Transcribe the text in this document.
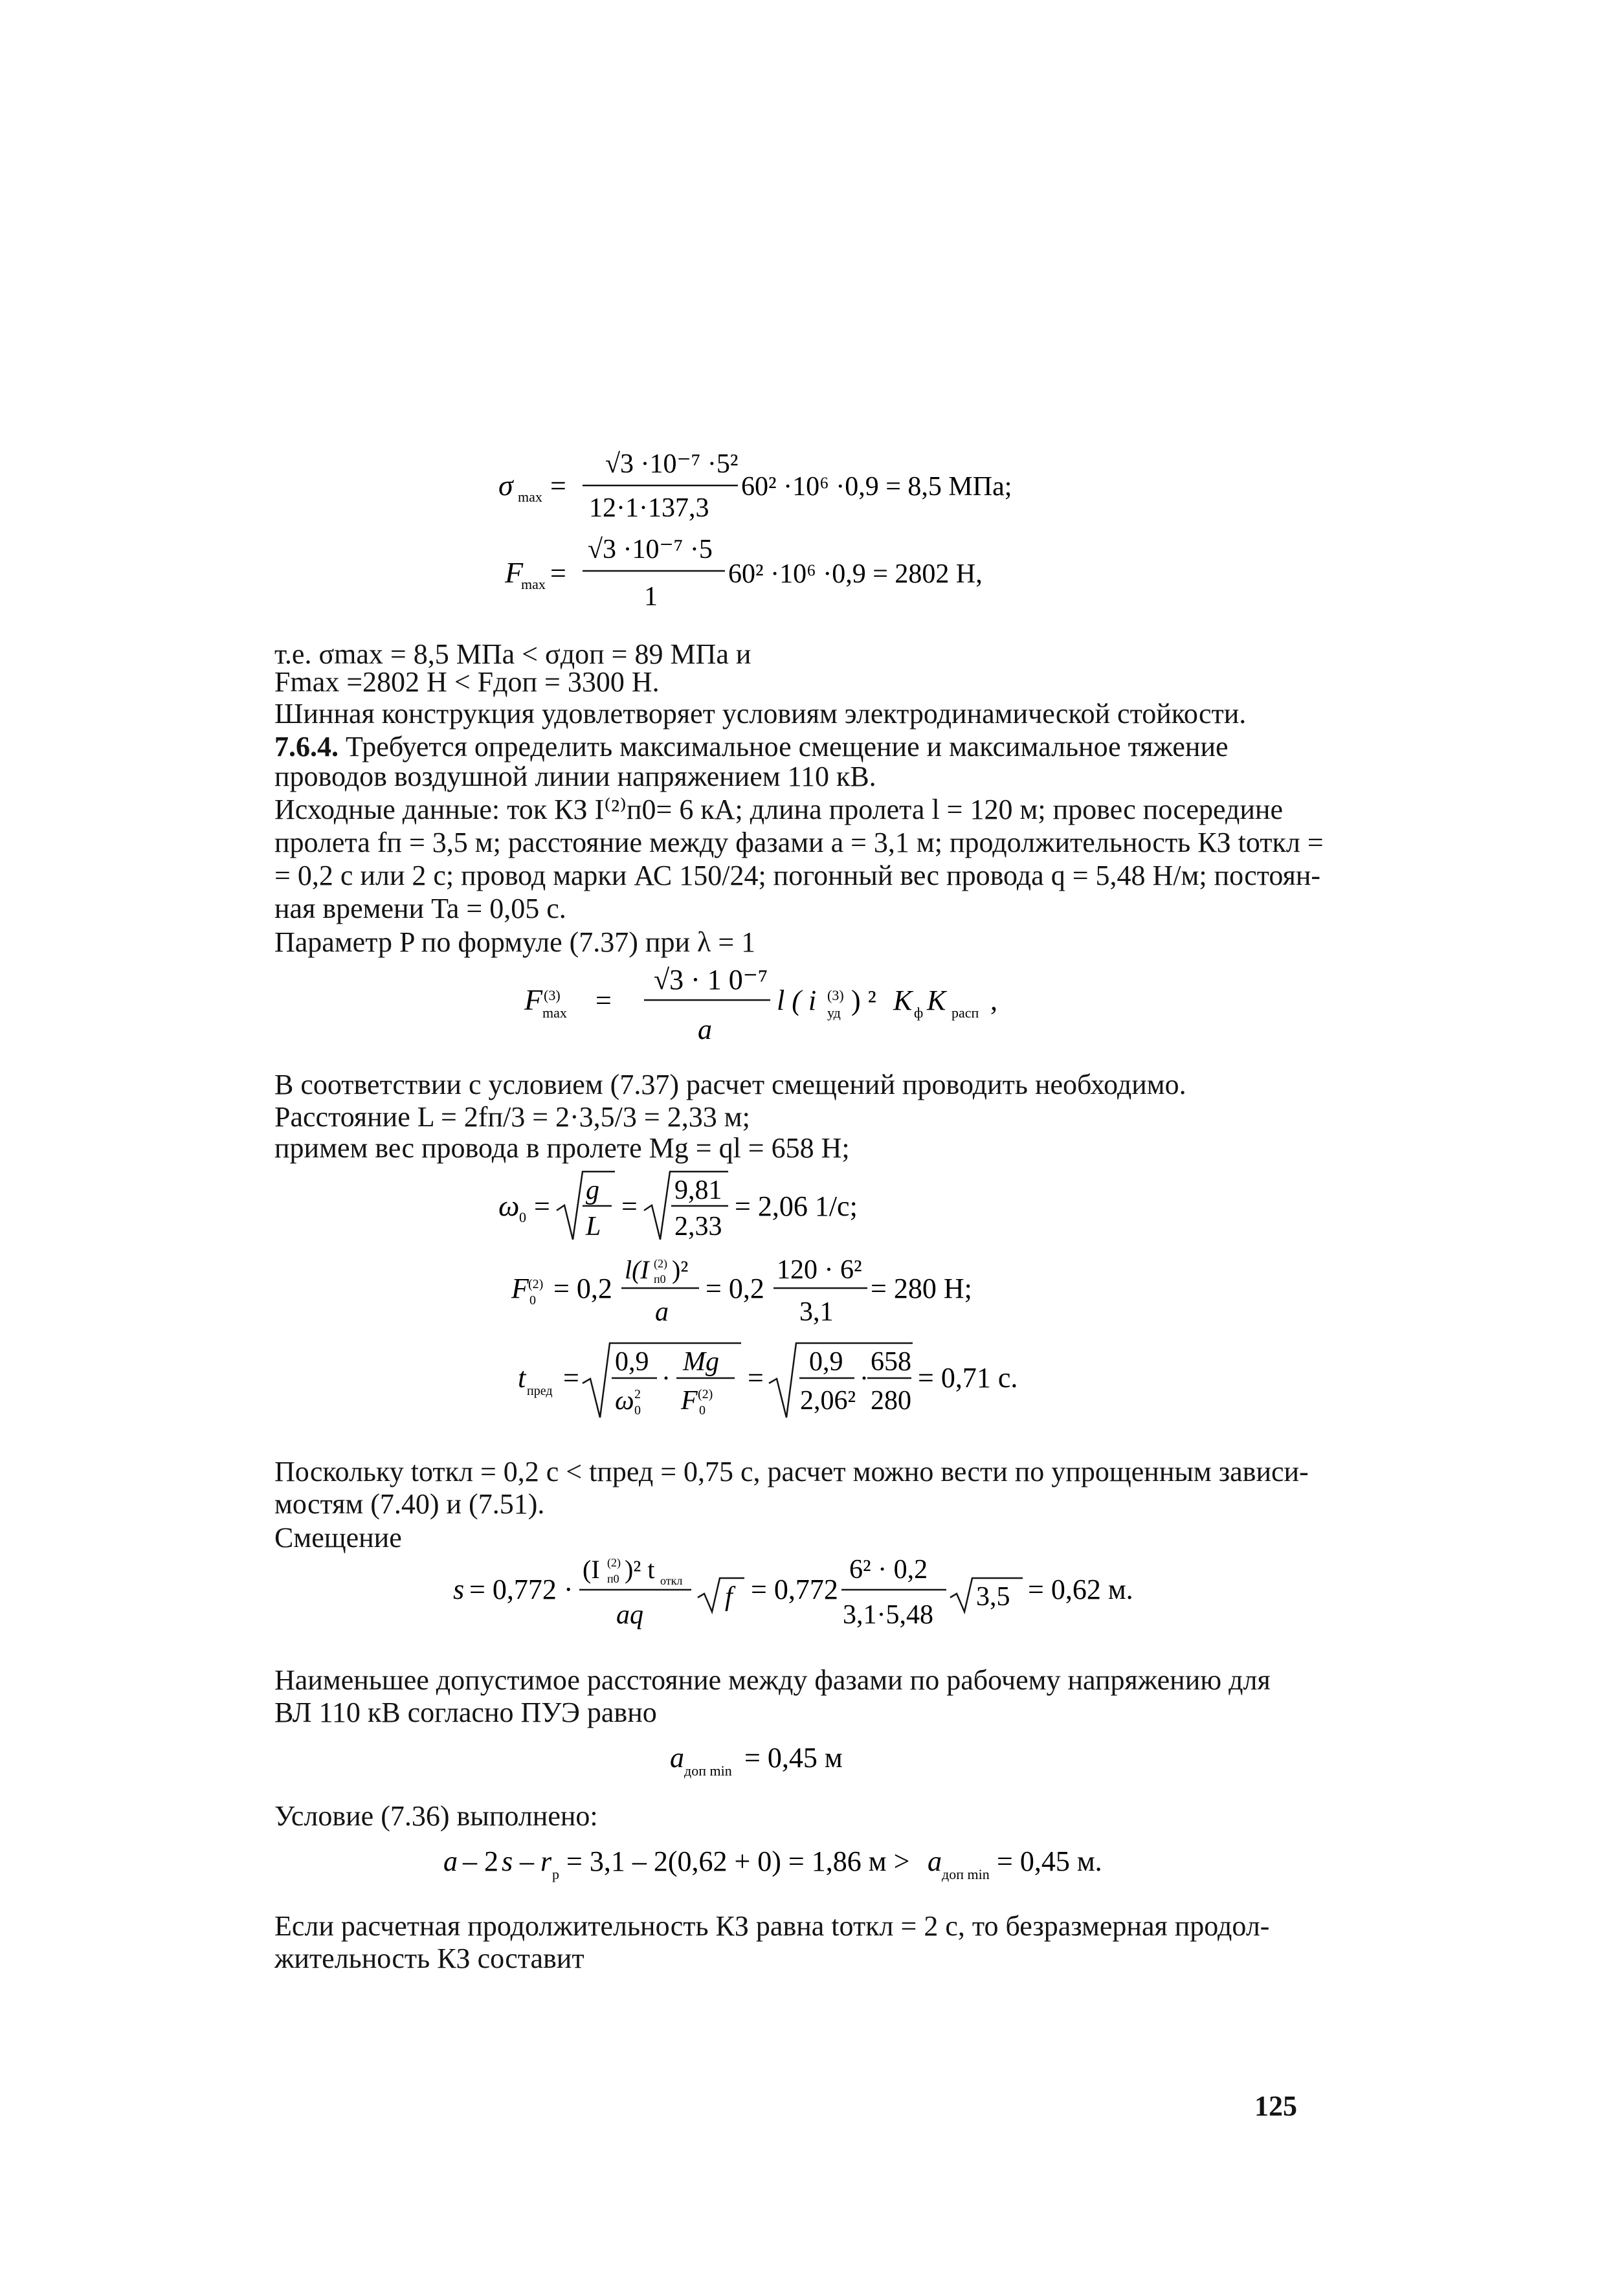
σ max =
√3 ·10⁻⁷ ·5²
12·1·137,3
60² ·10⁶ ·0,9 = 8,5 МПа;
F
max =
√3 ·10⁻⁷ ·5
1
60² ·10⁶ ·0,9 = 2802 Н,
т.е. σmax = 8,5 МПа < σдоп = 89 МПа и
Fmax =2802 Н < Fдоп = 3300 Н.
Шинная конструкция удовлетворяет условиям электродинамической стойкости.
7.6.4. Требуется определить максимальное смещение и максимальное тяжение
проводов воздушной линии напряжением 110 кВ.
Исходные данные: ток КЗ I⁽²⁾п0= 6 кА; длина пролета l = 120 м; провес посередине
пролета fп = 3,5 м; расстояние между фазами a = 3,1 м; продолжительность КЗ tоткл =
= 0,2 с или 2 с; провод марки АС 150/24; погонный вес провода q = 5,48 Н/м; постоян-
ная времени Ta = 0,05 с.
Параметр P по формуле (7.37) при λ = 1
F (3)
max =
√3 · 1 0⁻⁷
a
l ( i (3)
уд ) ² K ф K расп ,
В соответствии с условием (7.37) расчет смещений проводить необходимо.
Расстояние L = 2fп/3 = 2·3,5/3 = 2,33 м;
примем вес провода в пролете Mg = ql = 658 Н;
ω 0 = g
L
= 9,81
2,33
= 2,06 1/с;
F (2)
0 = 0,2
l(I (2)
п0 )²
a
= 0,2
120 · 6²
3,1
= 280 Н;
t пред = 0,9
ω 2
0
·
Mg
F (2)
0
= 0,9
2,06²
·
658
280
= 0,71 с.
Поскольку tоткл = 0,2 с < tпред = 0,75 с, расчет можно вести по упрощенным зависи-
мостям (7.40) и (7.51).
Смещение
s = 0,772 ·
(I (2)
п0 )² t откл
aq
f = 0,772
6² · 0,2
3,1·5,48
3,5 = 0,62 м.
Наименьшее допустимое расстояние между фазами по рабочему напряжению для
ВЛ 110 кВ согласно ПУЭ равно
a доп min = 0,45 м
Условие (7.36) выполнено:
a – 2 s – r р = 3,1 – 2(0,62 + 0) = 1,86 м > a доп min = 0,45 м.
Если расчетная продолжительность КЗ равна tоткл = 2 с, то безразмерная продол-
жительность КЗ составит
125
